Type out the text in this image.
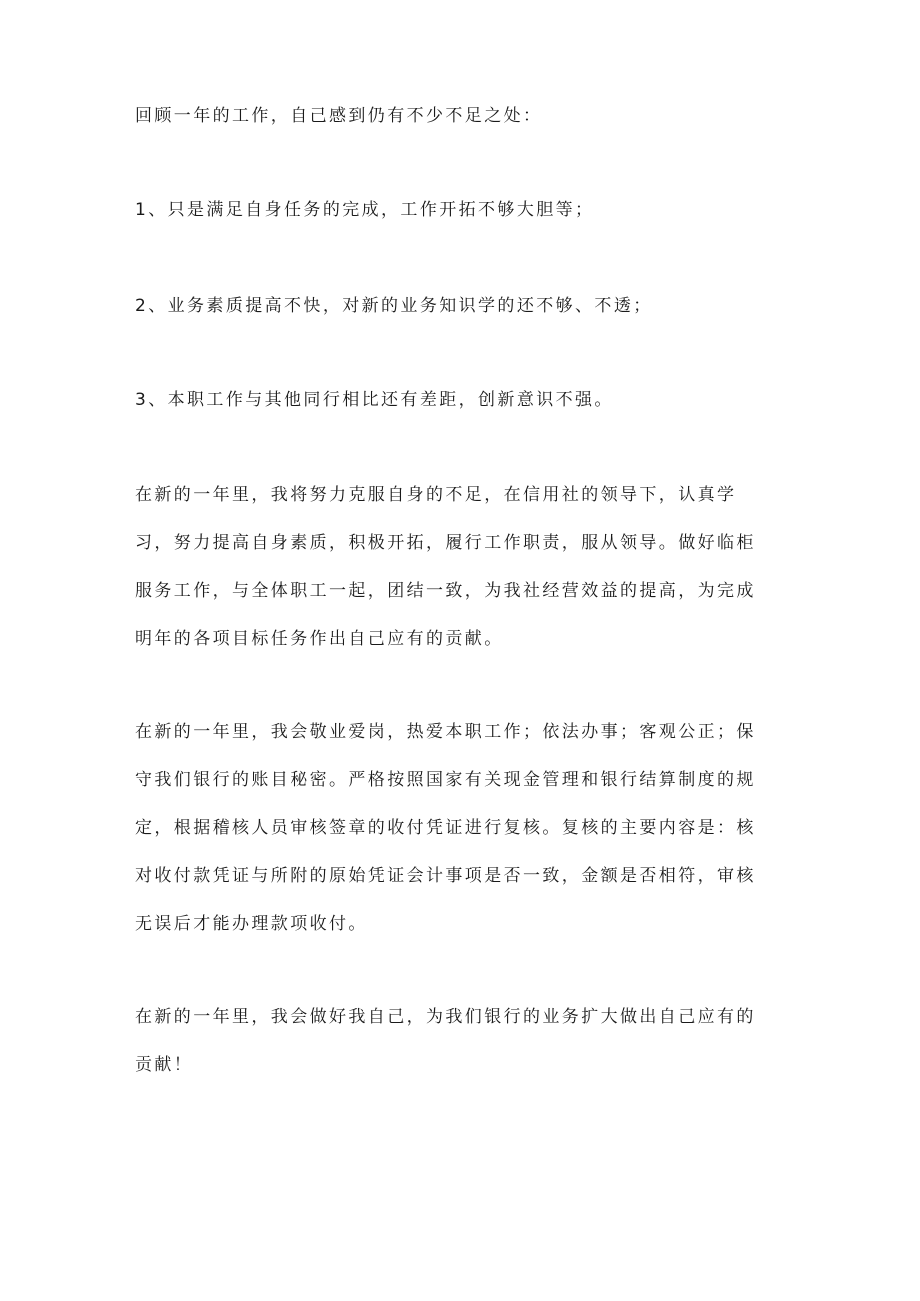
回顾一年的工作，自己感到仍有不少不足之处：

1、只是满足自身任务的完成，工作开拓不够大胆等；

2、业务素质提高不快，对新的业务知识学的还不够、不透；

3、本职工作与其他同行相比还有差距，创新意识不强。

在新的一年里，我将努力克服自身的不足，在信用社的领导下，认真学
习，努力提高自身素质，积极开拓，履行工作职责，服从领导。做好临柜
服务工作，与全体职工一起，团结一致，为我社经营效益的提高，为完成
明年的各项目标任务作出自己应有的贡献。

在新的一年里，我会敬业爱岗，热爱本职工作；依法办事；客观公正；保
守我们银行的账目秘密。严格按照国家有关现金管理和银行结算制度的规
定，根据稽核人员审核签章的收付凭证进行复核。复核的主要内容是：核
对收付款凭证与所附的原始凭证会计事项是否一致，金额是否相符，审核
无误后才能办理款项收付。

在新的一年里，我会做好我自己，为我们银行的业务扩大做出自己应有的
贡献！
